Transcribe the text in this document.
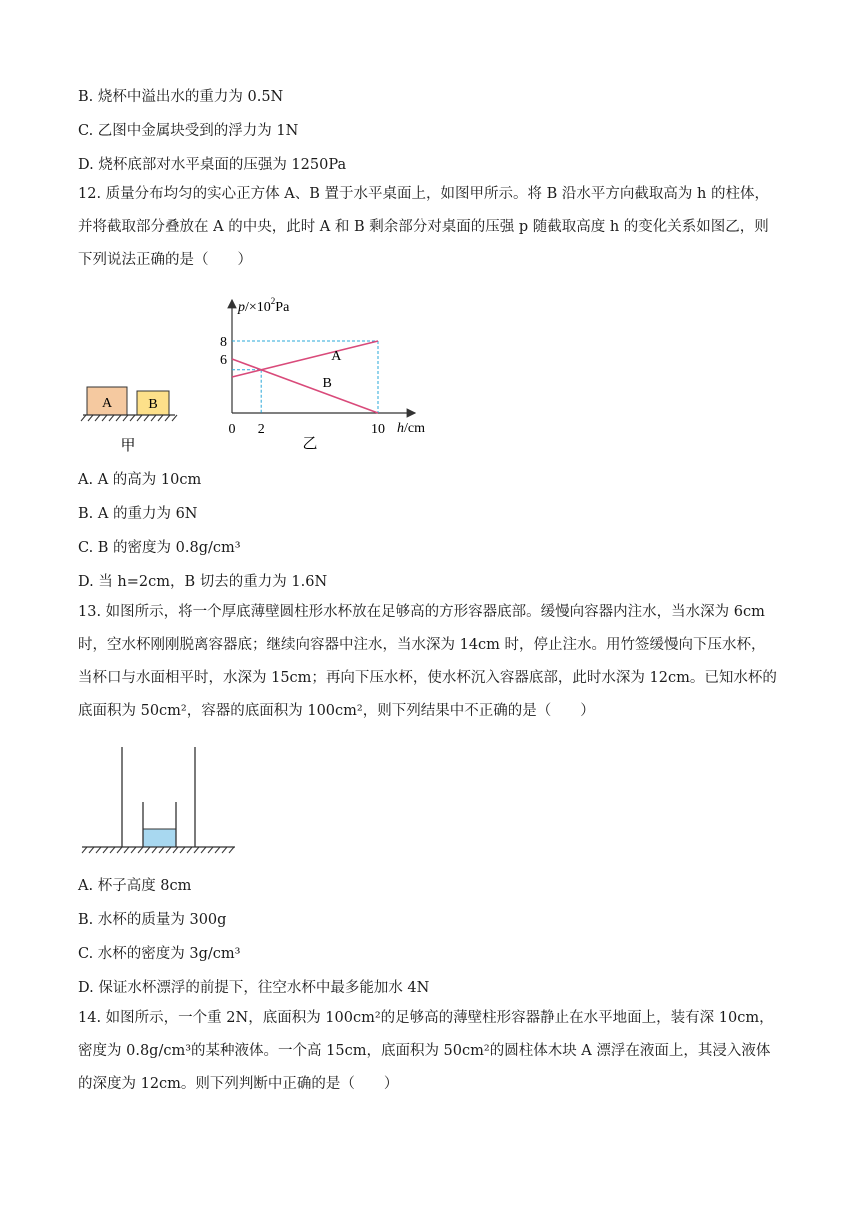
B. 烧杯中溢出水的重力为 0.5N
C. 乙图中金属块受到的浮力为 1N
D. 烧杯底部对水平桌面的压强为 1250Pa
12. 质量分布均匀的实心正方体 A、B 置于水平桌面上，如图甲所示。将 B 沿水平方向截取高为 h 的柱体，并将截取部分叠放在 A 的中央，此时 A 和 B 剩余部分对桌面的压强 p 随截取高度 h 的变化关系如图乙，则下列说法正确的是（　　）
A	B
甲
A
B
8
6
0 2	10
$p/\times 10^2Pa$
h/cm
乙
A. A 的高为 10cm
B. A 的重力为 6N
C. B 的密度为 0.8g/cm³
D. 当 h=2cm，B 切去的重力为 1.6N
13. 如图所示，将一个厚底薄壁圆柱形水杯放在足够高的方形容器底部。缓慢向容器内注水，当水深为 6cm 时，空水杯刚刚脱离容器底；继续向容器中注水，当水深为 14cm 时，停止注水。用竹签缓慢向下压水杯，当杯口与水面相平时，水深为 15cm；再向下压水杯，使水杯沉入容器底部，此时水深为 12cm。已知水杯的底面积为 50cm²，容器的底面积为 100cm²，则下列结果中不正确的是（　　）
A. 杯子高度 8cm
B. 水杯的质量为 300g
C. 水杯的密度为 3g/cm³
D. 保证水杯漂浮的前提下，往空水杯中最多能加水 4N
14. 如图所示，一个重 2N，底面积为 100cm²的足够高的薄壁柱形容器静止在水平地面上，装有深 10cm，密度为 0.8g/cm³的某种液体。一个高 15cm，底面积为 50cm²的圆柱体木块 A 漂浮在液面上，其浸入液体的深度为 12cm。则下列判断中正确的是（　　）
